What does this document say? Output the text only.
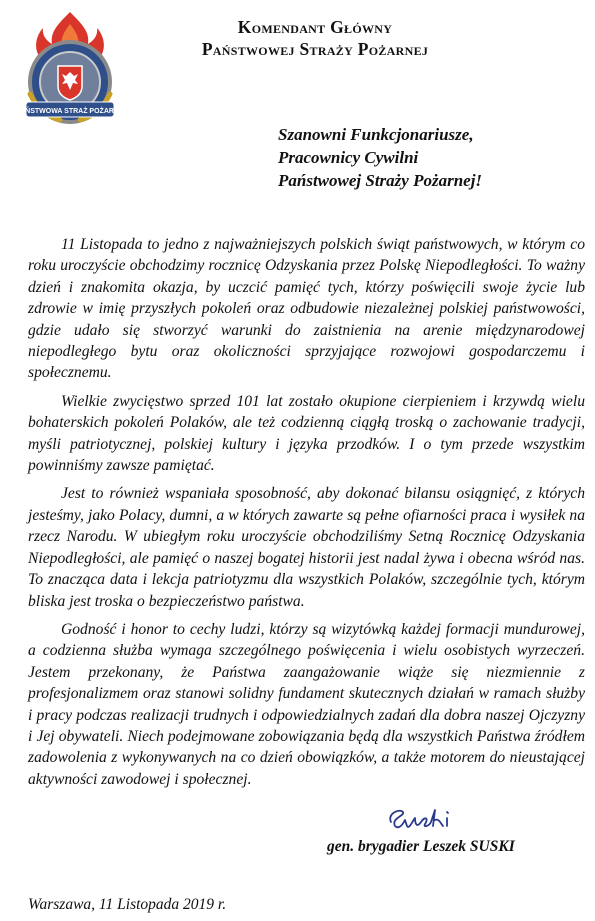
PAŃSTWOWA STRAŻ POŻARNA
Komendant Główny
Państwowej Straży Pożarnej
Szanowni Funkcjonariusze,
Pracownicy Cywilni
Państwowej Straży Pożarnej!

11 Listopada to jedno z najważniejszych polskich świąt państwowych, w którym co roku uroczyście obchodzimy rocznicę Odzyskania przez Polskę Niepodległości. To ważny dzień i znakomita okazja, by uczcić pamięć tych, którzy poświęcili swoje życie lub zdrowie w imię przyszłych pokoleń oraz odbudowie niezależnej polskiej państwowości, gdzie udało się stworzyć warunki do zaistnienia na arenie międzynarodowej niepodległego bytu oraz okoliczności sprzyjające rozwojowi gospodarczemu i społecznemu.

Wielkie zwycięstwo sprzed 101 lat zostało okupione cierpieniem i krzywdą wielu bohaterskich pokoleń Polaków, ale też codzienną ciągłą troską o zachowanie tradycji, myśli patriotycznej, polskiej kultury i języka przodków. I o tym przede wszystkim powinniśmy zawsze pamiętać.

Jest to również wspaniała sposobność, aby dokonać bilansu osiągnięć, z których jesteśmy, jako Polacy, dumni, a w których zawarte są pełne ofiarności praca i wysiłek na rzecz Narodu. W ubiegłym roku uroczyście obchodziliśmy Setną Rocznicę Odzyskania Niepodległości, ale pamięć o naszej bogatej historii jest nadal żywa i obecna wśród nas. To znacząca data i lekcja patriotyzmu dla wszystkich Polaków, szczególnie tych, którym bliska jest troska o bezpieczeństwo państwa.

Godność i honor to cechy ludzi, którzy są wizytówką każdej formacji mundurowej, a codzienna służba wymaga szczególnego poświęcenia i wielu osobistych wyrzeczeń. Jestem przekonany, że Państwa zaangażowanie wiąże się niezmiennie z profesjonalizmem oraz stanowi solidny fundament skutecznych działań w ramach służby i pracy podczas realizacji trudnych i odpowiedzialnych zadań dla dobra naszej Ojczyzny i Jej obywateli. Niech podejmowane zobowiązania będą dla wszystkich Państwa źródłem zadowolenia z wykonywanych na co dzień obowiązków, a także motorem do nieustającej aktywności zawodowej i społecznej.

gen. brygadier Leszek SUSKI
Warszawa, 11 Listopada 2019 r.
